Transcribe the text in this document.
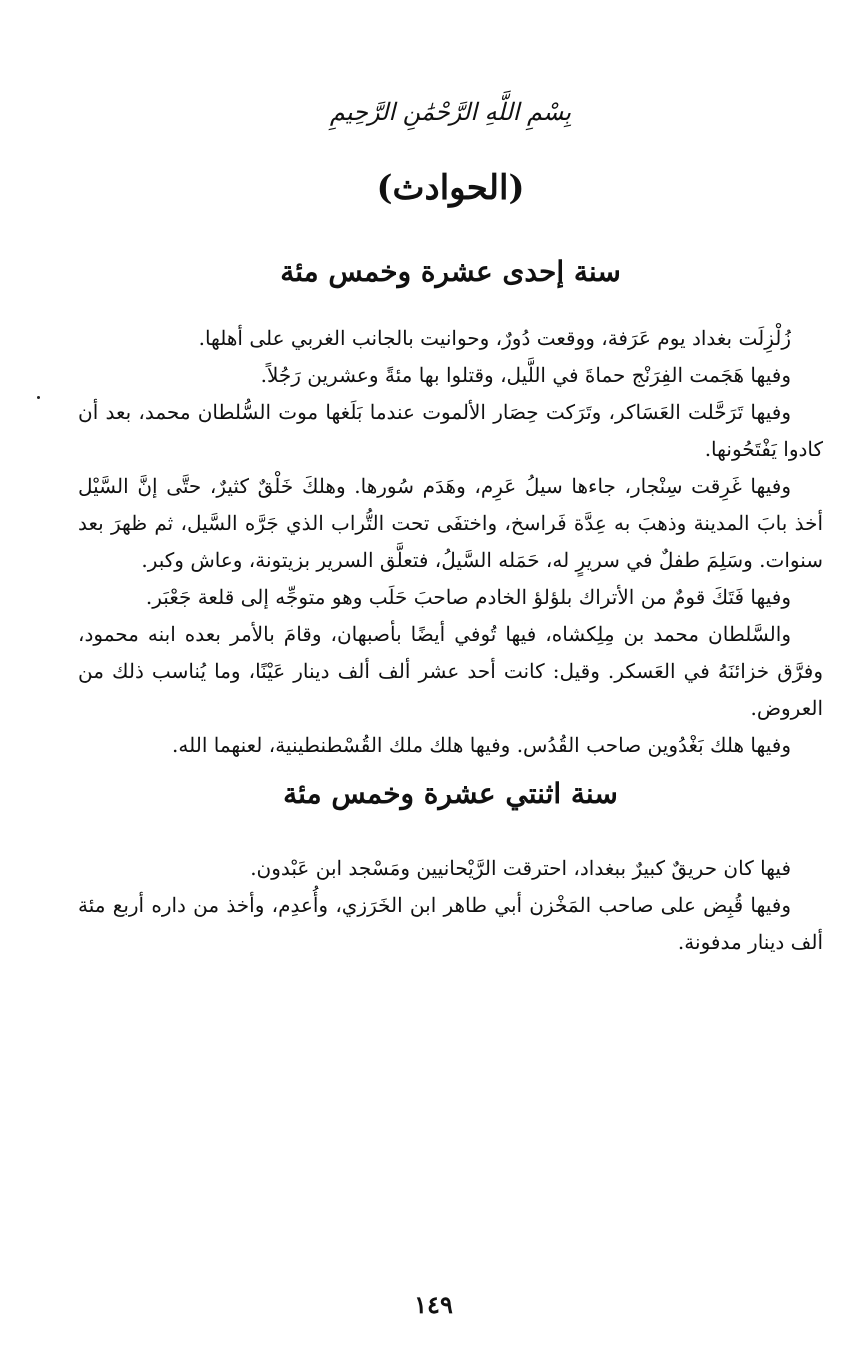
بِسْمِ اللَّهِ الرَّحْمَٰنِ الرَّحِيمِ
(الحوادث)
سنة إحدى عشرة وخمس مئة

زُلْزِلَت بغداد يوم عَرَفة، ووقعت دُورٌ، وحوانيت بالجانب الغربي على أهلها.

وفيها هَجَمت الفِرَنْج حماةَ في اللَّيل، وقتلوا بها مئةً وعشرين رَجُلاً.

وفيها تَرَحَّلت العَسَاكر، وتَرَكت حِصَار الألموت عندما بَلَغها موت السُّلطان محمد، بعد أن كادوا يَفْتَحُونها.

وفيها غَرِقت سِنْجار، جاءها سيلُ عَرِم، وهَدَم سُورها. وهلكَ خَلْقٌ كثيرٌ، حتَّى إنَّ السَّيْل أخذ بابَ المدينة وذهبَ به عِدَّة فَراسخ، واختفَى تحت التُّراب الذي جَرَّه السَّيل، ثم ظهرَ بعد سنوات. وسَلِمَ طفلٌ في سريرٍ له، حَمَله السَّيلُ، فتعلَّق السرير بزيتونة، وعاش وكبر.

وفيها فَتَكَ قومٌ من الأتراك بلؤلؤ الخادم صاحبَ حَلَب وهو متوجِّه إلى قلعة جَعْبَر.

والسَّلطان محمد بن مِلِكشاه، فيها تُوفي أيضًا بأصبهان، وقامَ بالأمر بعده ابنه محمود، وفرَّق خزائنَهُ في العَسكر. وقيل: كانت أحد عشر ألف ألف دينار عَيْنًا، وما يُناسب ذلك من العروض.

وفيها هلك بَغْدُوين صاحب القُدُس. وفيها هلك ملك القُسْطنطينية، لعنهما الله.

سنة اثنتي عشرة وخمس مئة

فيها كان حريقٌ كبيرٌ ببغداد، احترقت الرَّيْحانيين ومَسْجد ابن عَبْدون.

وفيها قُبِض على صاحب المَخْزن أبي طاهر ابن الخَرَزي، وأُعدِم، وأخذ من داره أربع مئة ألف دينار مدفونة.

١٤٩
